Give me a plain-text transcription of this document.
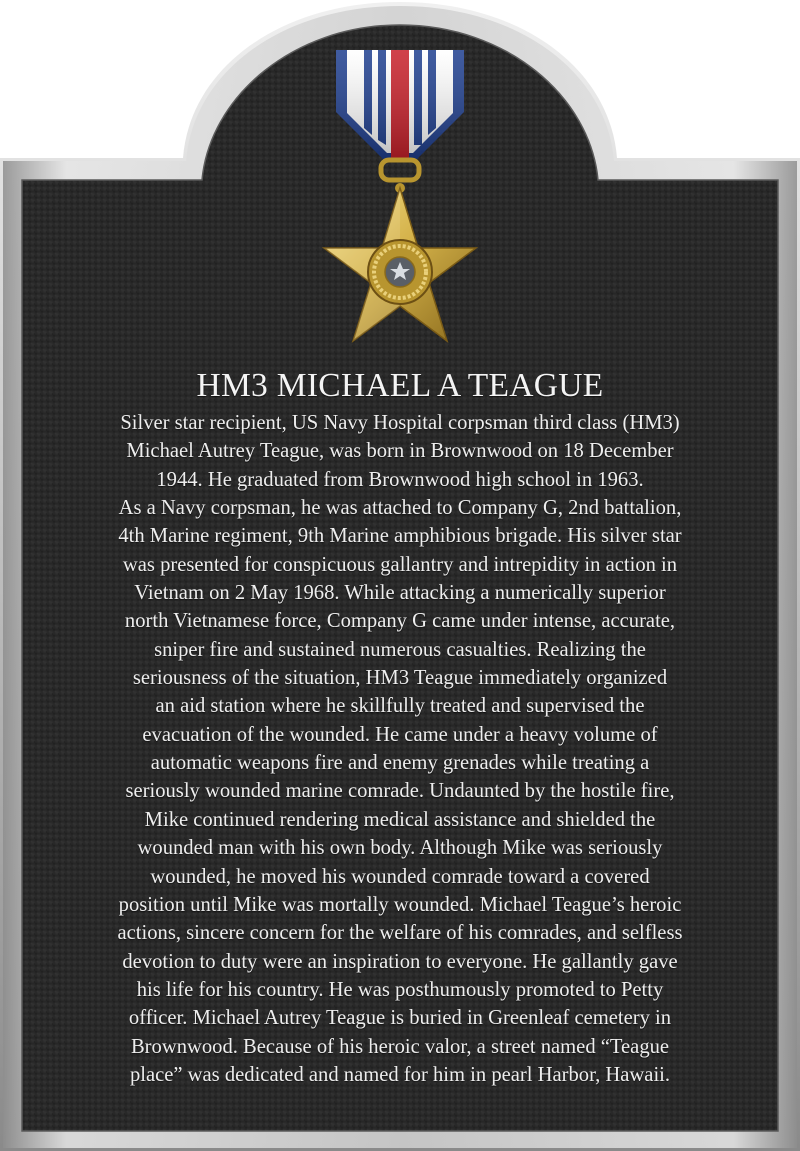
HM3 MICHAEL A TEAGUE
Silver star recipient, US Navy Hospital corpsman third class (HM3)
Michael Autrey Teague, was born in Brownwood on 18 December
1944. He graduated from Brownwood high school in 1963.
As a Navy corpsman, he was attached to Company G, 2nd battalion,
4th Marine regiment, 9th Marine amphibious brigade. His silver star
was presented for conspicuous gallantry and intrepidity in action in
Vietnam on 2 May 1968. While attacking a numerically superior
north Vietnamese force, Company G came under intense, accurate,
sniper fire and sustained numerous casualties. Realizing the
seriousness of the situation, HM3 Teague immediately organized
an aid station where he skillfully treated and supervised the
evacuation of the wounded. He came under a heavy volume of
automatic weapons fire and enemy grenades while treating a
seriously wounded marine comrade. Undaunted by the hostile fire,
Mike continued rendering medical assistance and shielded the
wounded man with his own body. Although Mike was seriously
wounded, he moved his wounded comrade toward a covered
position until Mike was mortally wounded. Michael Teague’s heroic
actions, sincere concern for the welfare of his comrades, and selfless
devotion to duty were an inspiration to everyone. He gallantly gave
his life for his country. He was posthumously promoted to Petty
officer. Michael Autrey Teague is buried in Greenleaf cemetery in
Brownwood. Because of his heroic valor, a street named “Teague
place” was dedicated and named for him in pearl Harbor, Hawaii.
